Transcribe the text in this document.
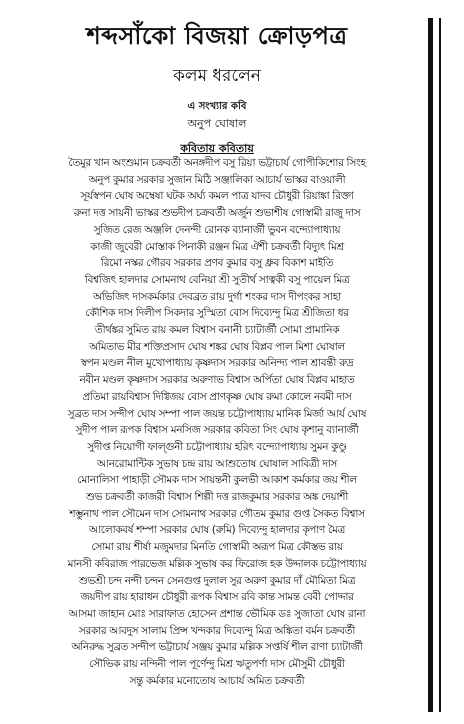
শব্দসাঁকো বিজয়া ক্রোড়পত্র
কলম ধরলেন
এ সংখ্যার কবি
অনুপ ঘোষাল
কবিতায় কবিতায়
তৈমুর খান অংশুমান চক্রবর্তী অনঙ্গদীপ বসু রিয়া ভট্টাচার্য গোপীকিশোর সিংহ
অনুপ কুমার সরকার সুজান মিঠি সঞ্জালিকা আচার্য ভাস্কর বাওয়ালী
সূর্যস্বপন ঘোষ অম্বেষা ঘটক অর্ঘ্য কমল পাত্র যাদব চৌধুরী রিয়াঙ্কা রিক্তা
রুনা দত্ত সায়নী ভাস্কর শুভদীপ চক্রবর্তী অর্জুন শুভাশীষ গোস্বামী রাজু দাস
সুজিত রেজ অঞ্জলি দেনন্দী রোনক ব্যানার্জী ভুবন বন্দ্যোপাধ্যায়
কাজী জুবেরী মোস্তাক পিনাকী রঞ্জন মিত্র ঐশী চক্রবর্তী বিদ্যুৎ মিশ্র
রিমো নস্কর গৌরব সরকার প্রণব কুমার বসু ধ্রুব বিকাশ মাইতি
বিশ্বজিৎ হালদার সোমনাথ বেনিয়া শ্রী সুতীর্থ সাত্বকী বসু পায়েল মিত্র
অভিজিৎ দাসকর্মকার দেবব্রত রায় দুর্গা শংকর দাস দীপংকর সাহা
কৌশিক দাস দিলীপ সিকদার সুস্মিতা বোস দিব্যেন্দু মিত্র শ্রীজিতা ধর
তীর্থঙ্কর সুমিত রায় কমল বিশ্বাস বনানী চ্যাটার্জী সোমা প্রামানিক
অমিতাভ মীর শক্তিপ্রসাদ ঘোষ শঙ্কর ঘোষ বিপ্লব পাল মিশা ঘোষাল
স্বপন মণ্ডল নীল মুখোপাধ্যায় কৃষ্ণদাস সরকার অনিন্দ্য পাল শ্রাবন্তী রুদ্র
নবীন মণ্ডল কৃষ্ণদাস সরকার অরুণাভ বিশ্বাস অর্পিতা ঘোষ বিপ্লব মাহাত
প্রতিমা রায়বিশ্বাস দিগ্বিজয় বোস প্রাণকৃষ্ণ ঘোষ রুমা কোলে নবমী দাস
সুব্রত দাস সন্দীপ ঘোষ সম্পা পাল জয়ন্ত চট্টোপাধ্যায় মানিক মির্জা আর্য ঘোষ
সুদীপ পাল রূপক বিশ্বাস মনসিজ সরকার কবিতা সিং ঘোষ কৃশানু ব্যানার্জী
সুদীপ্ত নিয়োগী ফাল্গুনী চট্টোপাধ্যায় হরিৎ বন্দ্যোপাধ্যায় সুমন কুণ্ডু
আনরোমান্টিক সুভাষ চন্দ্র রায় আশুতোষ ঘোষাল সাবিত্রী দাস
মোনালিসা পাহাড়ী সৌমক দাস সায়ন্তনী কুলভী আকাশ কর্মকার জয় শীল
শুভ চক্রবর্তী কাজরী বিশ্বাস শিল্পী দত্ত রাজকুমার সরকার অঙ্ক দেয়াশী
শম্ভুনাথ পাল সৌমেন দাস সোমনাথ সরকার গৌতম কুমার গুপ্ত সৈকত বিশ্বাস
আলোকবর্ষ শম্পা সরকার ঘোষ (রুমি) দিব্যেন্দু হালদার কৃপাণ মৈত্র
সোমা রায় শীর্ষা মজুমদার মিনতি গোস্বামী অরূপ মিত্র কৌস্তভ রায়
মানসী কবিরাজ পারভেজ মল্লিক সুভাষ কর ফিরোজ হক উদ্দালক চট্টোপাধ্যায়
শুভশ্রী চন্দ নন্দী চন্দন সেনগুপ্ত দুলাল সুর অরুণ কুমার দাঁ মৌমিতা মিত্র
জয়দীপ রায় হারাধন চৌধুরী রূপক বিশ্বাস রবি কান্ত সামন্ত বেবী পোদ্দার
আসমা জাহান মোঃ সারাফাত হোসেন প্রশান্ত ভৌমিক ডঃ সুজাতা ঘোষ রানা
সরকার আবদুস সালাম প্রিন্স খন্দকার দিব্যেন্দু মিত্র অঙ্কিতা বর্মন চক্রবর্তী
অনিরুদ্ধ সুব্রত সন্দীপ ভট্টাচার্য সঞ্জয় কুমার মল্লিক সপ্তর্ষি শীল রাণা চ্যাটার্জী
সৌভিক রায় নন্দিনী পাল পূর্ণেন্দু মিশ্র ঋতুপর্ণা দাস মৌসুমী চৌধুরী
সন্তু কর্মকার মনোতোষ আচার্য অমিত চক্রবর্তী
